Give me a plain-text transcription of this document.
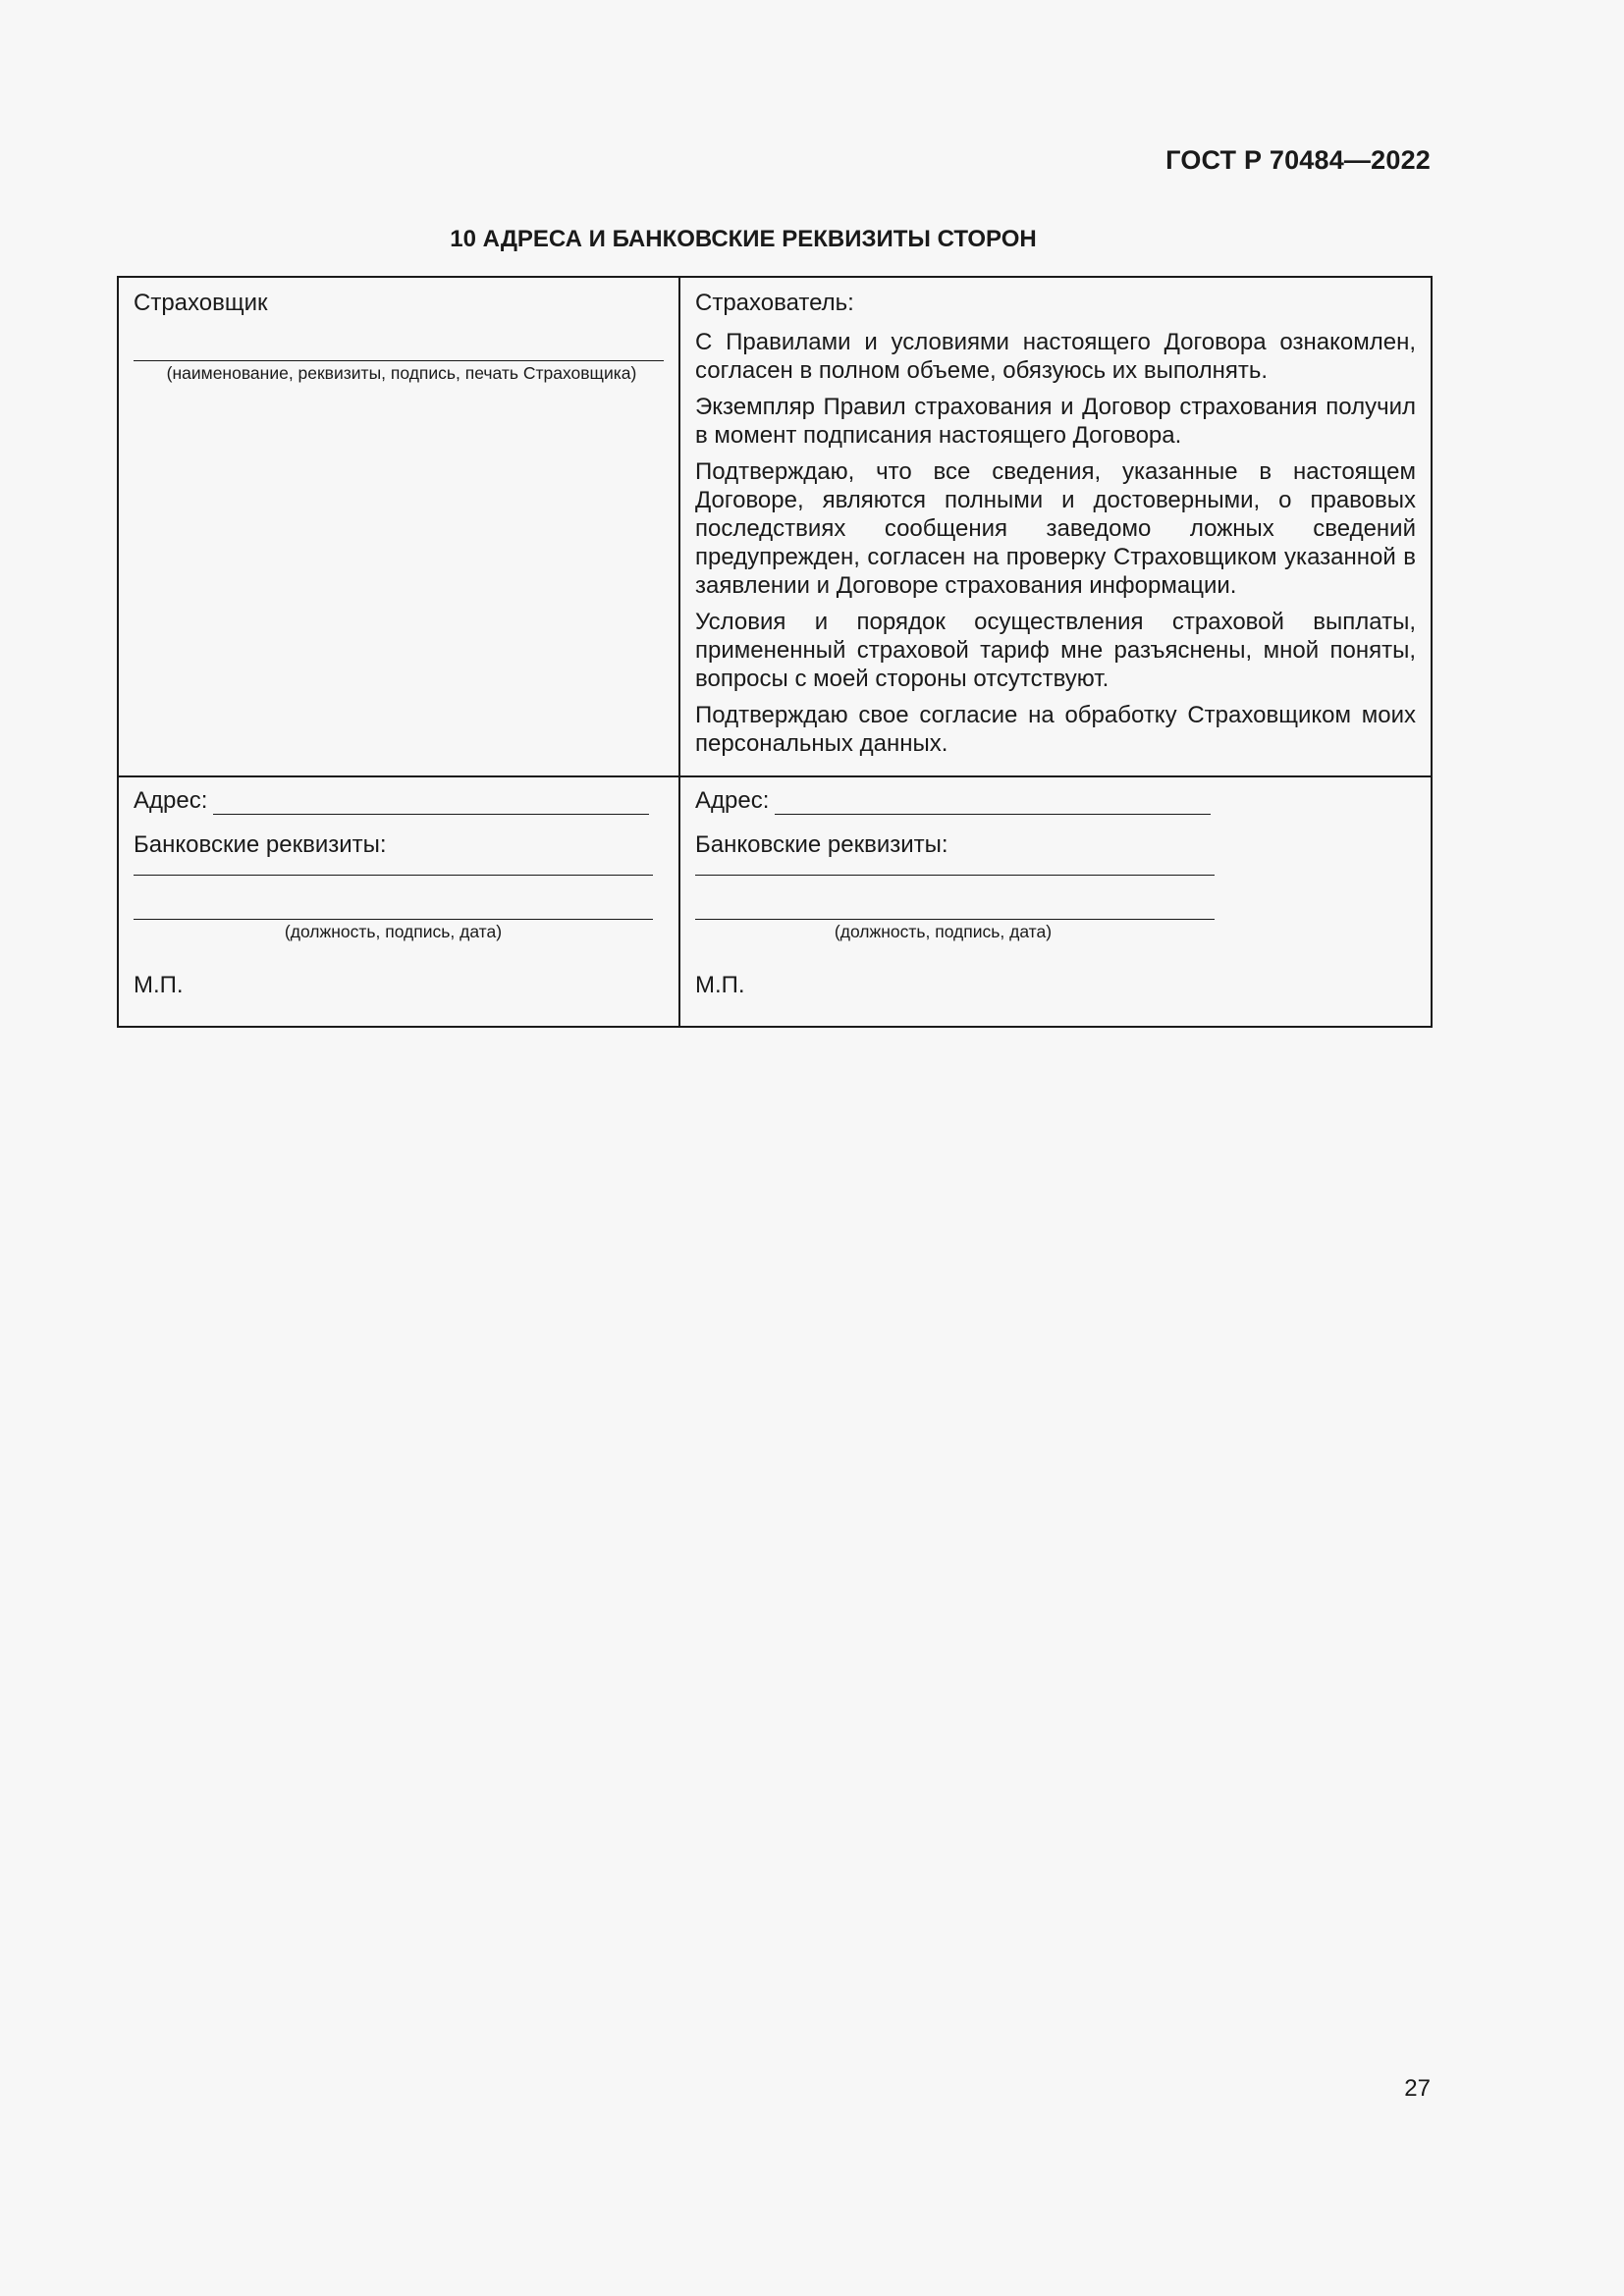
ГОСТ Р 70484—2022
10 АДРЕСА И БАНКОВСКИЕ РЕКВИЗИТЫ СТОРОН
Страховщик
(наименование, реквизиты, подпись, печать Страховщика)

Страхователь:
С Правилами и условиями настоящего Договора ознакомлен, согласен в полном объеме, обязуюсь их выполнять.
Экземпляр Правил страхования и Договор страхования получил в момент подписания настоящего Договора.
Подтверждаю, что все сведения, указанные в настоящем Договоре, являются полными и достоверными, о правовых последствиях сообщения заведомо ложных сведений предупрежден, согласен на проверку Страховщиком указанной в заявлении и Договоре страхования информации.
Условия и порядок осуществления страховой выплаты, примененный страховой тариф мне разъяснены, мной поняты, вопросы с моей стороны отсутствуют.
Подтверждаю свое согласие на обработку Страховщиком моих персональных данных.

Адрес:
Банковские реквизиты:
(должность, подпись, дата)
М.П.

Адрес:
Банковские реквизиты:
(должность, подпись, дата)
М.П.
27
